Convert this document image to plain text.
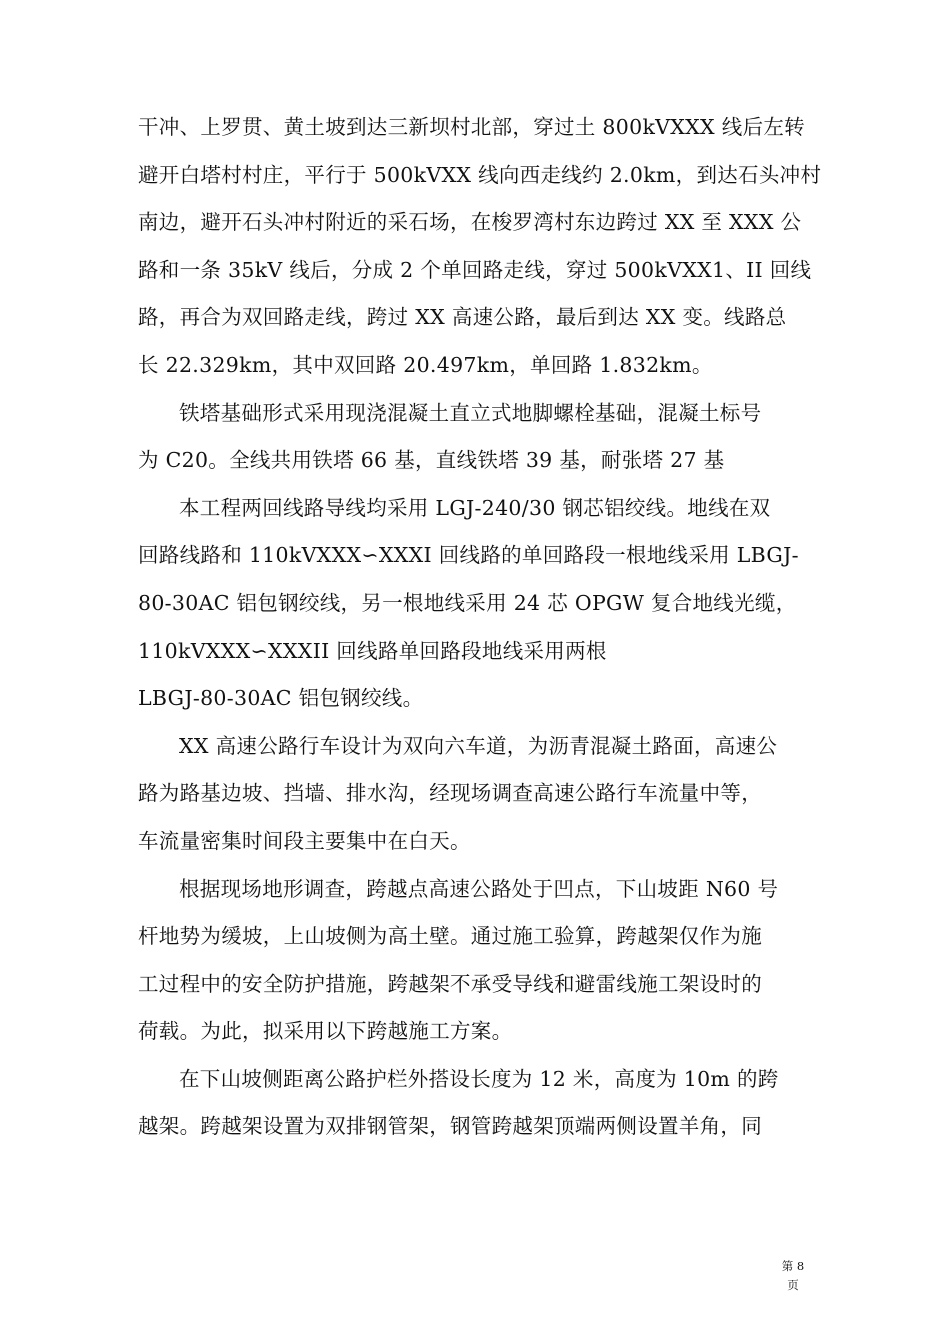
干冲、上罗贯、黄土坡到达三新坝村北部，穿过土 800kVXXX 线后左转
避开白塔村村庄，平行于 500kVXX 线向西走线约 2.0km，到达石头冲村
南边，避开石头冲村附近的采石场，在梭罗湾村东边跨过 XX 至 XXX 公
路和一条 35kV 线后，分成 2 个单回路走线，穿过 500kVXX1、II 回线
路，再合为双回路走线，跨过 XX 高速公路，最后到达 XX 变。线路总
长 22.329km，其中双回路 20.497km，单回路 1.832km。
铁塔基础形式采用现浇混凝土直立式地脚螺栓基础，混凝土标号
为 C20。全线共用铁塔 66 基，直线铁塔 39 基，耐张塔 27 基
本工程两回线路导线均采用 LGJ-240/30 钢芯铝绞线。地线在双
回路线路和 110kVXXX∽XXXI 回线路的单回路段一根地线采用 LBGJ-
80-30AC 铝包钢绞线，另一根地线采用 24 芯 OPGW 复合地线光缆，
110kVXXX∽XXXII 回线路单回路段地线采用两根
LBGJ-80-30AC 铝包钢绞线。
XX 高速公路行车设计为双向六车道，为沥青混凝土路面，高速公
路为路基边坡、挡墙、排水沟，经现场调查高速公路行车流量中等，
车流量密集时间段主要集中在白天。
根据现场地形调查，跨越点高速公路处于凹点，下山坡距 N60 号
杆地势为缓坡，上山坡侧为高土壁。通过施工验算，跨越架仅作为施
工过程中的安全防护措施，跨越架不承受导线和避雷线施工架设时的
荷载。为此，拟采用以下跨越施工方案。
在下山坡侧距离公路护栏外搭设长度为 12 米，高度为 10m 的跨
越架。跨越架设置为双排钢管架，钢管跨越架顶端两侧设置羊角，同
第 8
页
